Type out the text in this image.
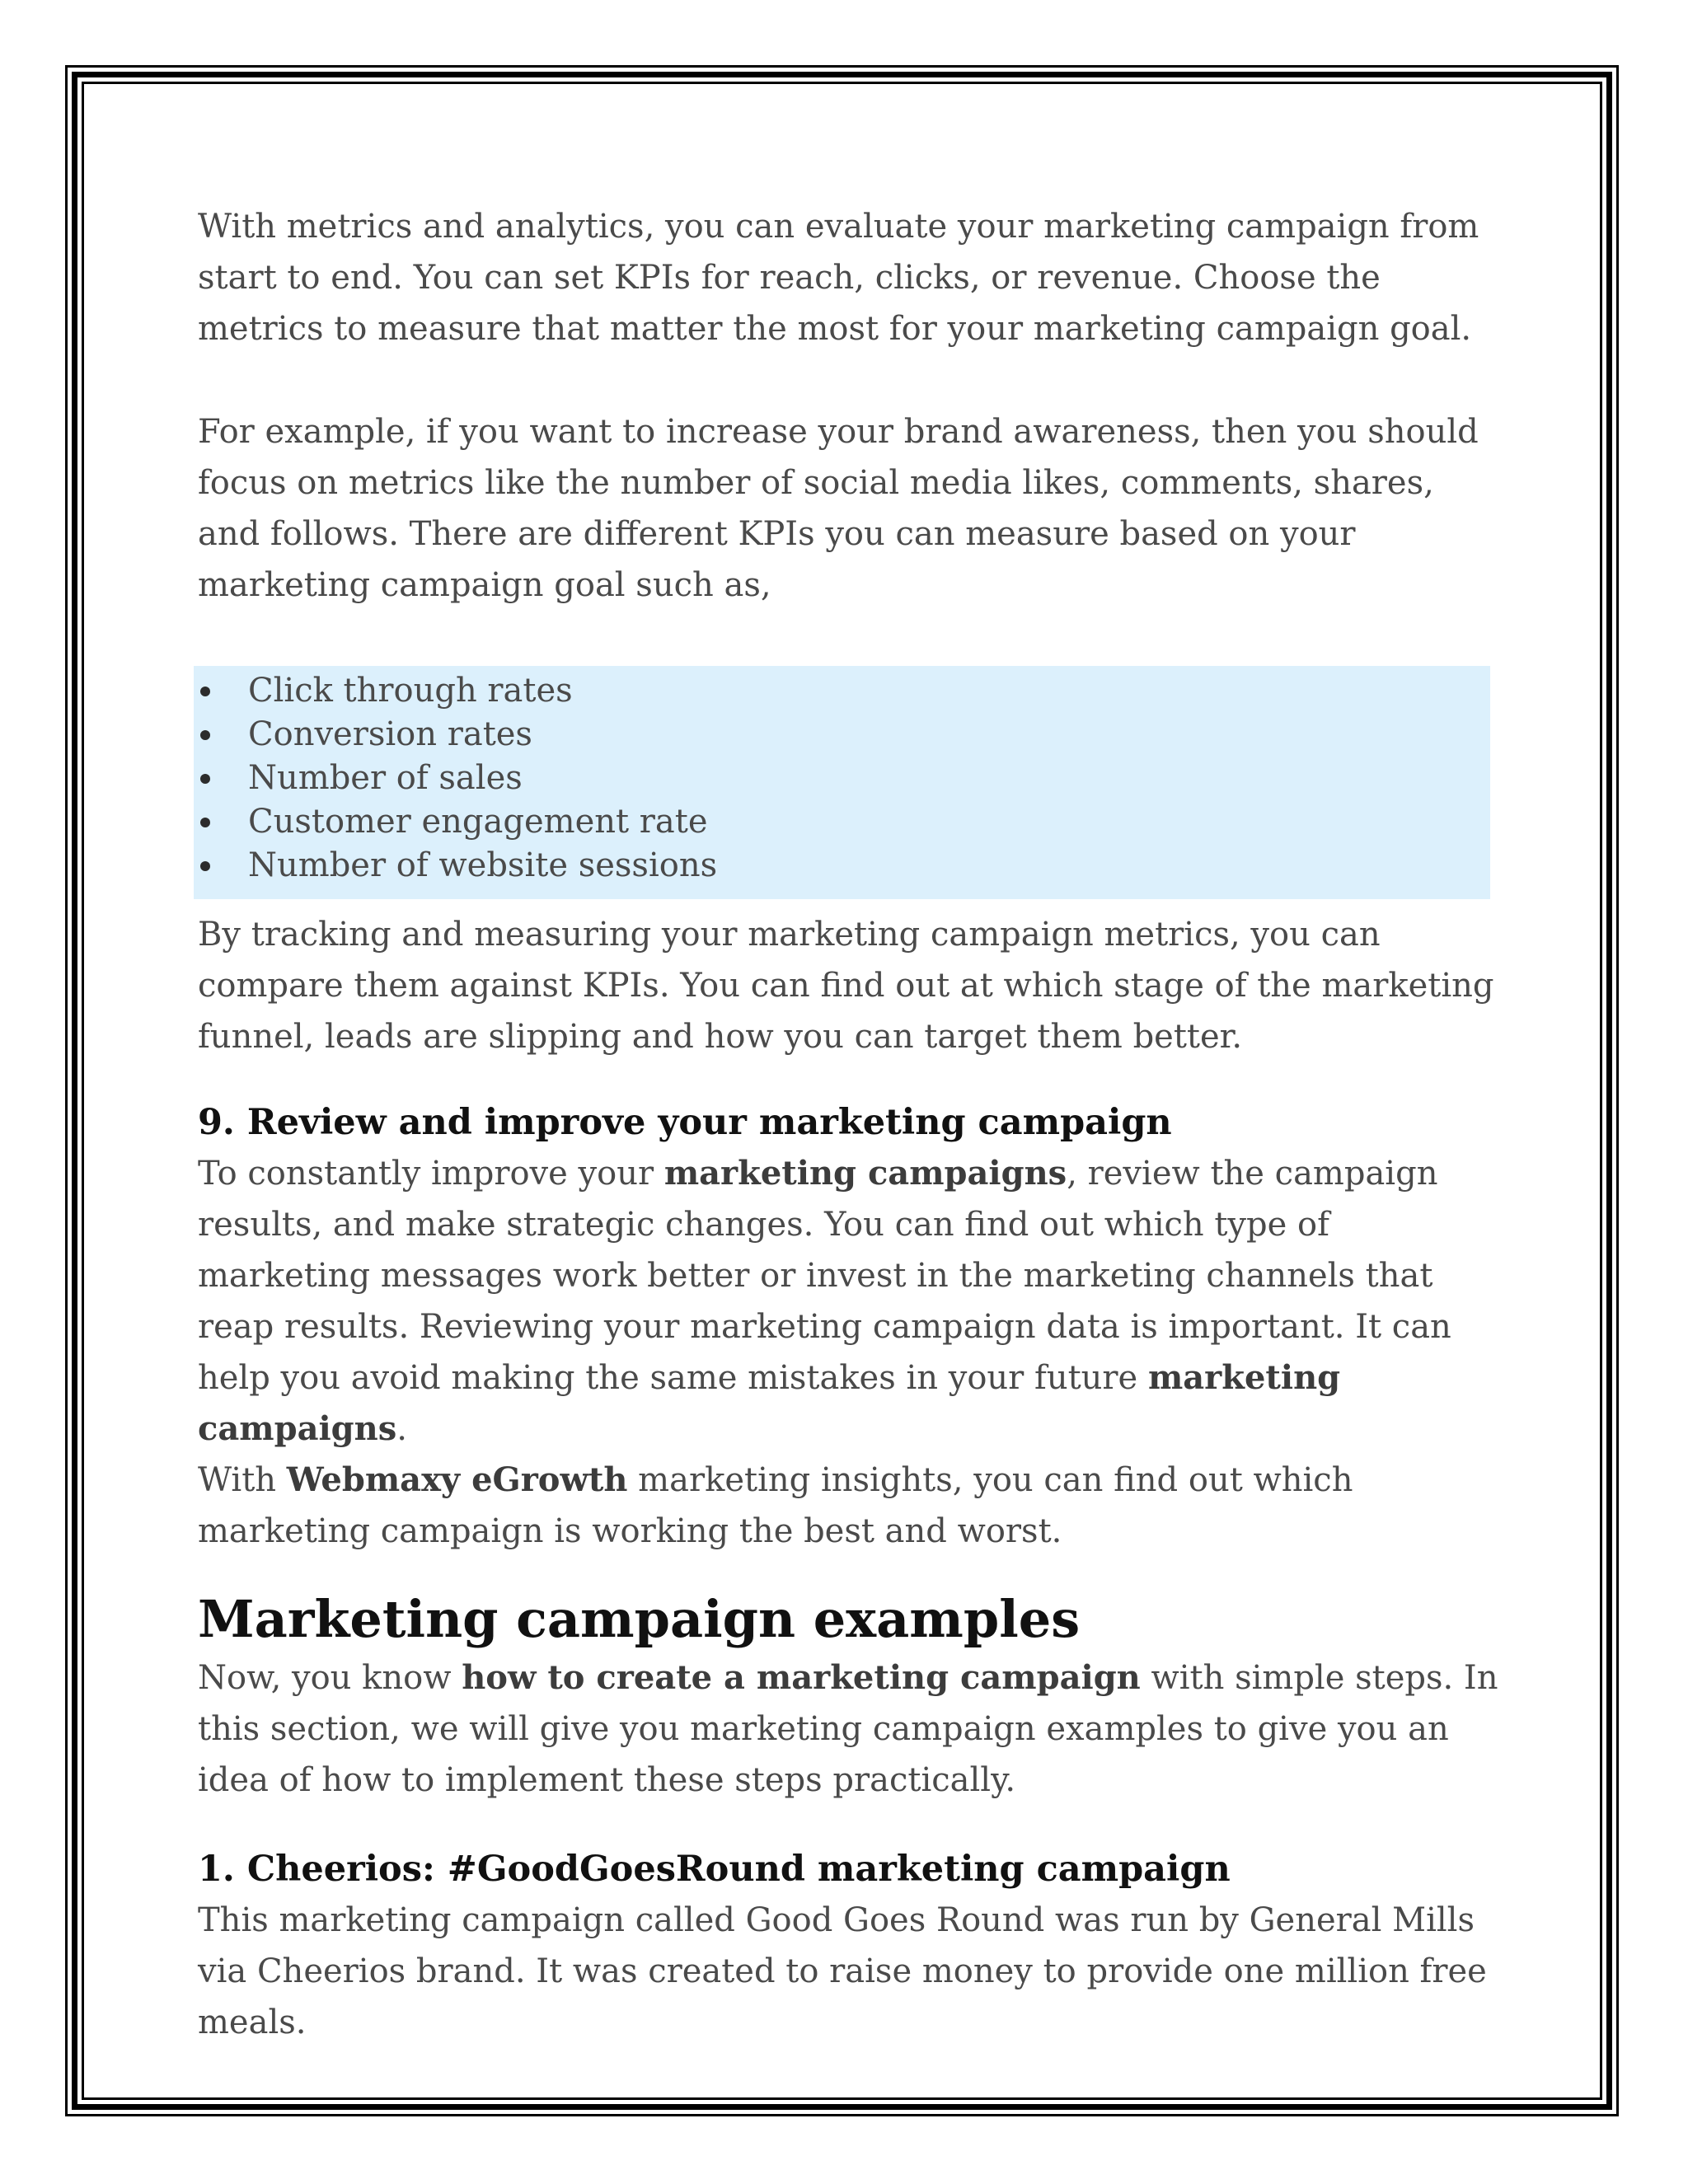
With metrics and analytics, you can evaluate your marketing campaign from start to end. You can set KPIs for reach, clicks, or revenue. Choose the metrics to measure that matter the most for your marketing campaign goal.

For example, if you want to increase your brand awareness, then you should focus on metrics like the number of social media likes, comments, shares, and follows. There are different KPIs you can measure based on your marketing campaign goal such as,

Click through rates
Conversion rates
Number of sales
Customer engagement rate
Number of website sessions

By tracking and measuring your marketing campaign metrics, you can compare them against KPIs. You can find out at which stage of the marketing funnel, leads are slipping and how you can target them better.

9. Review and improve your marketing campaign

To constantly improve your marketing campaigns, review the campaign results, and make strategic changes. You can find out which type of marketing messages work better or invest in the marketing channels that reap results. Reviewing your marketing campaign data is important. It can help you avoid making the same mistakes in your future marketing campaigns.
With Webmaxy eGrowth marketing insights, you can find out which marketing campaign is working the best and worst.

Marketing campaign examples

Now, you know how to create a marketing campaign with simple steps. In this section, we will give you marketing campaign examples to give you an idea of how to implement these steps practically.

1. Cheerios: #GoodGoesRound marketing campaign

This marketing campaign called Good Goes Round was run by General Mills via Cheerios brand. It was created to raise money to provide one million free meals.
